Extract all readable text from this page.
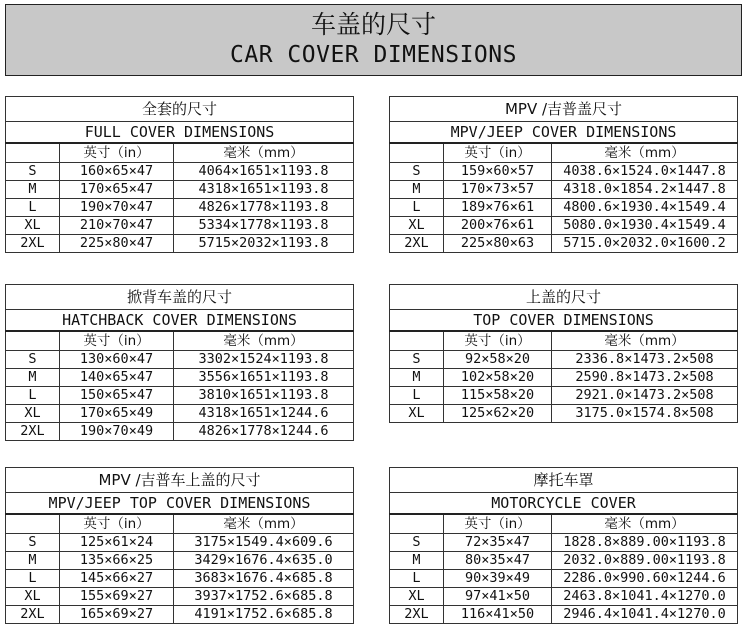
车盖的尺寸
CAR COVER DIMENSIONS
全套的尺寸		
FULL COVER DIMENSIONS		
	英寸（in）	毫米（mm）
S	160×65×47	4064×1651×1193.8
M	170×65×47	4318×1651×1193.8
L	190×70×47	4826×1778×1193.8
XL	210×70×47	5334×1778×1193.8
2XL	225×80×47	5715×2032×1193.8
MPV /吉普盖尺寸		
MPV/JEEP COVER DIMENSIONS		
	英寸（in）	毫米（mm）
S	159×60×57	4038.6×1524.0×1447.8
M	170×73×57	4318.0×1854.2×1447.8
L	189×76×61	4800.6×1930.4×1549.4
XL	200×76×61	5080.0×1930.4×1549.4
2XL	225×80×63	5715.0×2032.0×1600.2
掀背车盖的尺寸		
HATCHBACK COVER DIMENSIONS		
	英寸（in）	毫米（mm）
S	130×60×47	3302×1524×1193.8
M	140×65×47	3556×1651×1193.8
L	150×65×47	3810×1651×1193.8
XL	170×65×49	4318×1651×1244.6
2XL	190×70×49	4826×1778×1244.6
上盖的尺寸		
TOP COVER DIMENSIONS		
	英寸（in）	毫米（mm）
S	92×58×20	2336.8×1473.2×508
M	102×58×20	2590.8×1473.2×508
L	115×58×20	2921.0×1473.2×508
XL	125×62×20	3175.0×1574.8×508
MPV /吉普车上盖的尺寸		
MPV/JEEP TOP COVER DIMENSIONS		
	英寸（in）	毫米（mm）
S	125×61×24	3175×1549.4×609.6
M	135×66×25	3429×1676.4×635.0
L	145×66×27	3683×1676.4×685.8
XL	155×69×27	3937×1752.6×685.8
2XL	165×69×27	4191×1752.6×685.8
摩托车罩		
MOTORCYCLE COVER		
	英寸（in）	毫米（mm）
S	72×35×47	1828.8×889.00×1193.8
M	80×35×47	2032.0×889.00×1193.8
L	90×39×49	2286.0×990.60×1244.6
XL	97×41×50	2463.8×1041.4×1270.0
2XL	116×41×50	2946.4×1041.4×1270.0
